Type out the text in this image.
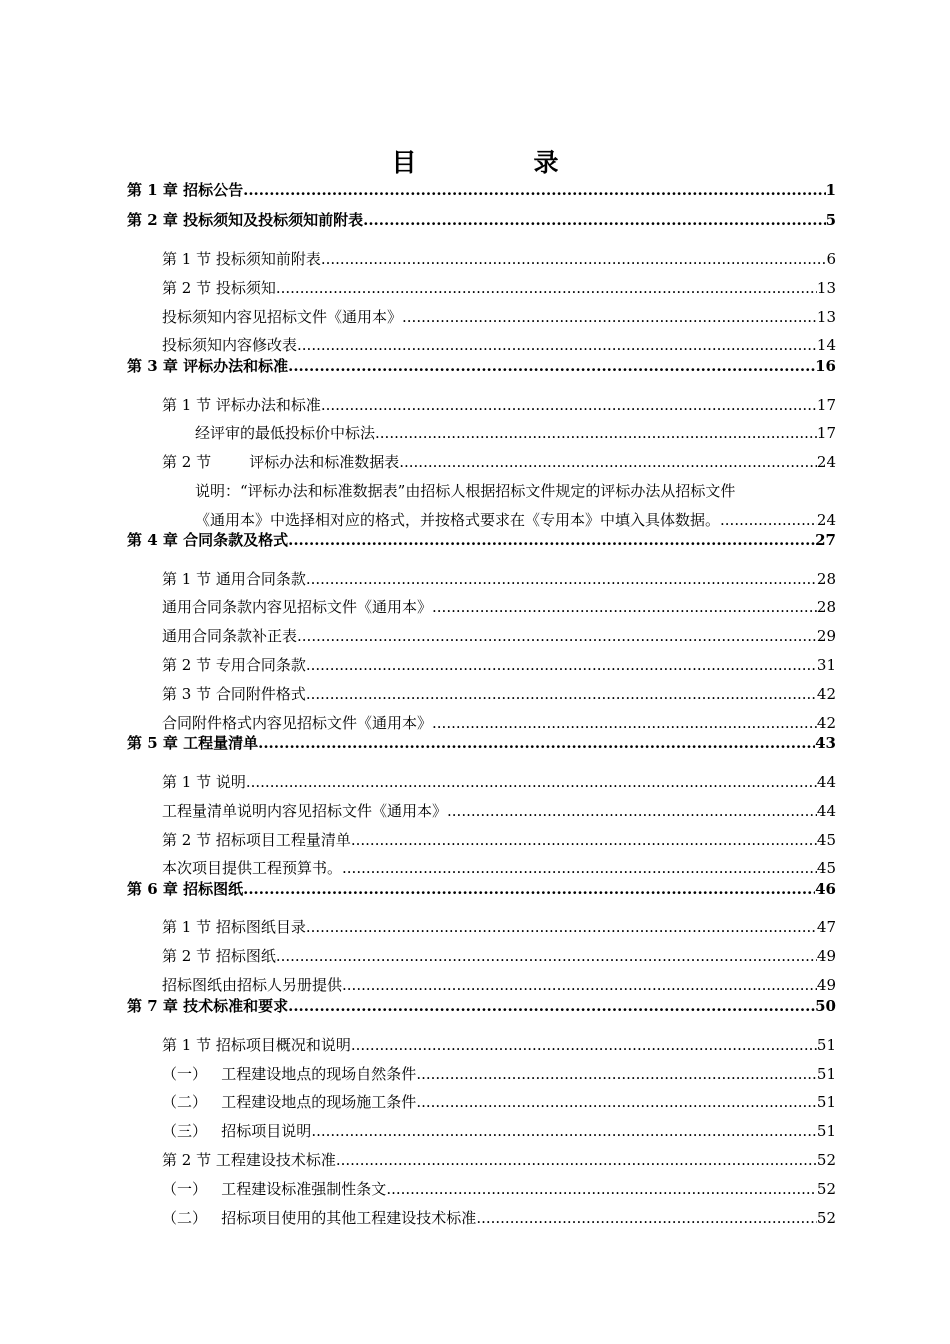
目　录
第 1 章 招标公告 .....	1
第 2 章 投标须知及投标须知前附表 .....	5
第 1 节 投标须知前附表 .....	6
第 2 节 投标须知 .....	13
投标须知内容见招标文件《通用本》 .....	13
投标须知内容修改表 .....	14
第 3 章 评标办法和标准 .....	16
第 1 节 评标办法和标准 .....	17
经评审的最低投标价中标法 .....	17
第 2 节        评标办法和标准数据表 .....	24
说明：“评标办法和标准数据表”由招标人根据招标文件规定的评标办法从招标文件
《通用本》中选择相对应的格式，并按格式要求在《专用本》中填入具体数据。 .....	24
第 4 章 合同条款及格式 .....	27
第 1 节 通用合同条款 .....	28
通用合同条款内容见招标文件《通用本》 .....	28
通用合同条款补正表 .....	29
第 2 节 专用合同条款 .....	31
第 3 节 合同附件格式 .....	42
合同附件格式内容见招标文件《通用本》 .....	42
第 5 章 工程量清单 .....	43
第 1 节 说明 .....	44
工程量清单说明内容见招标文件《通用本》 .....	44
第 2 节 招标项目工程量清单 .....	45
本次项目提供工程预算书。 .....	45
第 6 章 招标图纸 .....	46
第 1 节 招标图纸目录 .....	47
第 2 节 招标图纸 .....	49
招标图纸由招标人另册提供 .....	49
第 7 章 技术标准和要求 .....	50
第 1 节 招标项目概况和说明 .....	51
（一）   工程建设地点的现场自然条件 .....	51
（二）   工程建设地点的现场施工条件 .....	51
（三）   招标项目说明 .....	51
第 2 节 工程建设技术标准 .....	52
（一）   工程建设标准强制性条文 .....	52
（二）   招标项目使用的其他工程建设技术标准 .....	52
